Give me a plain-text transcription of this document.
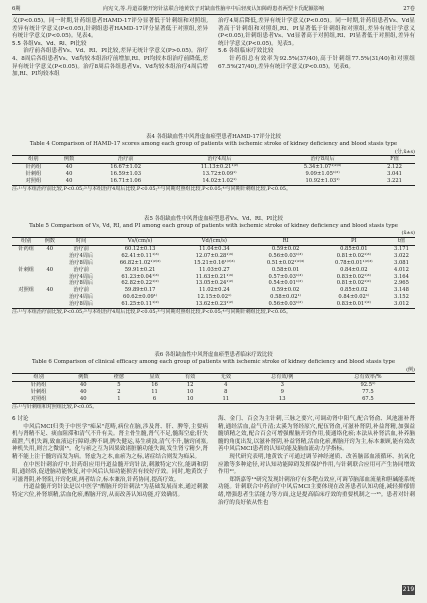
6期	向宪文,等.丹道益髓开窍针法联合地黄饮子对缺血性脑卒中后轻度认知障碍患者两型卡氏配额影响	27卷

义(P<0.05)。同一时期,针药组患者HAMD-17评分显著低于针刺组和对照组,差异有统计学意义(P<0.05),针刺组患者HAMD-17评分显著低于对照组,差异有统计学意义(P<0.05)。见表4。

5.5 各组Vs、Vd、RI、PI比较

治疗前各组患者Vs、Vd、RI、PI比较,差异无统计学意义(P>0.05)。治疗4、8周后各组患者Vs、Vd均较本组治疗前增加,RI、PI均较本组治疗前降低,差异有统计学意义(P<0.05)。治疗8周后各组患者Vs、Vd均较本组治疗4周后增加,RI、PI均较本组

治疗4周后降低,差异有统计学意义(P<0.05)。同一时期,针药组患者Vs、Vd显著高于针刺组和对照组,RI、PI显著低于针刺组和对照组,差异有统计学意义(P<0.05),针刺组患者Vs、Vd显著高于对照组,RI、PI显著低于对照组,差异有统计学意义(P<0.05)。见表5。

5.6 各组临床疗效比较

针药组总有效率为92.5%(37/40),高于针刺组77.5%(31/40)和对照组67.5%(27/40),差异有统计学意义(P<0.05)。见表6。

表4 各组缺血性中风肾虚血瘀型患者HAMD-17评分比较
Table 4 Comparison of HAMD-17 scores among each group of patients with ischemic stroke of kidney deficiency and blood stasis type
(分,x̄±s)
组别	例数	治疗前	治疗4周后	治疗8周后	F值
针药组	40	16.67±1.02	11.13±0.21¹⁾²⁾	5.34±1.07¹⁾²⁾³⁾	2.122
针刺组	40	16.59±1.03	13.72±0.09¹⁾	9.09±1.05¹⁾²⁾	3.041
对照组	40	16.71±1.06	14.02±1.02¹⁾	10.92±1.03¹⁾	3.221
注:¹⁾与本组治疗前比较,P<0.05;²⁾与本组治疗4周后比较,P<0.05;³⁾与同期对照组比较,P<0.05;⁴⁾与同期针刺组比较,P<0.05。
表5 各组缺血性中风肾虚血瘀型患者Vs、Vd、RI、PI比较
Table 5 Comparison of Vs, Vd, RI, and PI among each group of patients with ischemic stroke of kidney deficiency and blood stasis type
(x̄±s)
组别	例数	时间	Vs/(cm/s)	Vd/(cm/s)	RI	PI	t值
针药组	40	治疗前	60.12±0.13	11.04±0.34	0.59±0.02	0.85±0.01	3.171
		治疗4周后	62.41±0.11¹⁾³⁾	12.07±0.28¹⁾³⁾	0.56±0.03¹⁾³⁾	0.81±0.02¹⁾³⁾	3.022
		治疗8周后	66.82±1.02¹⁾²⁾³⁾	15.21±0.16¹⁾²⁾³⁾	0.51±0.02¹⁾²⁾³⁾	0.78±0.01¹⁾²⁾³⁾	3.081
针刺组	40	治疗前	59.91±0.21	11.03±0.27	0.58±0.01	0.84±0.02	4.012
		治疗4周后	61.23±0.04¹⁾³⁾	11.63±0.21¹⁾³⁾	0.57±0.03¹⁾³⁾	0.83±0.02¹⁾³⁾	3.164
		治疗8周后	62.82±0.22¹⁾²⁾	13.05±0.24¹⁾²⁾	0.54±0.01¹⁾²⁾	0.81±0.02¹⁾²⁾	2.965
对照组	40	治疗前	59.89±0.17	11.02±0.24	0.59±0.02	0.85±0.02	3.148
		治疗4周后	60.62±0.09¹⁾	12.15±0.02¹⁾	0.58±0.02¹⁾	0.84±0.02¹⁾	3.152
		治疗8周后	61.25±0.11¹⁾²⁾	13.62±0.23¹⁾²⁾	0.56±0.03¹⁾²⁾	0.83±0.01¹⁾²⁾	3.012
注:¹⁾与本组治疗前比较,P<0.05;²⁾与本组治疗4周后比较,P<0.05;³⁾与同期对照组比较,P<0.05;⁴⁾与同期针刺组比较,P<0.05。
表6 各组缺血性中风肾虚血瘀型患者临床疗效比较
Table 6 Comparison of clinical efficacy among each group of patients with ischemic stroke of kidney deficiency and blood stasis type
(例)
组别	例数	痊愈	显效	有效	无效	总有效/例	总有效率/%
针药组	40	5	16	12	4	3	92.5¹⁾
针刺组	40	2	11	10	8	9	77.5
对照组	40	1	6	10	11	13	67.5
注:¹⁾与针刺组和对照组比较,P<0.05。

6 讨论

中风后MCI归类于中医学"痴呆"范畴,病位在脑,涉及肾、肝、脾等,主要病机与肾精不足、痰血阻滞和清气不升有关。肾主骨生髓,肾气不足,髓海空虚;肝失疏泄,气机失调,致血液运行障碍;脾不调,脾失健运,易生痰浊,清气不升,脑窍闭塞,神机失用,则言之微弱¹⁵。化与瘀之互为因果致诸脏腑功能失调,发生肾亏精少,肾精不能上注于髓窍而发为病。肾虚为之本,血瘀为之标,诸症结合则发为痴呆。

在中医针刺治疗中,针药组应用丹道益髓开窍针法,刺激特定穴位,能调和阴阳,通经络,促进脑功能恢复,对中风后认知功能损害有较好疗效。同时,地黄饮子可滋肾阴,补肾阳,开窍化痰,两者结合,标本兼治,针药协同,提高疗效。

丹道益髓开窍针法是以中医学"醒脑开窍针刺法"为基础发展而来,通过刺激特定穴位,补肾填精,活血化瘀,醒脑开窍,从而改善认知功能,疗效确切。

海、金门、百会为主针刺,三脉之要穴,可调动肾中阳气,配合肾俞、风池滋补肾精,通经活血,益气升清;太溪为肾经原穴,配伍肾俞,可滋补肾阴,补益肾精,加强益髓填精之效,配合百会可增强醒脑开窍作用,使通络化瘀;本法从补肾活血,补养脑髓的角度出发,以滋补肾阴,补益肾精,活血化瘀,醒脑开窍为主,标本兼顾,能有效改善中风后MCI患者的认知功能及脑血流动力学指标。

现代研究表明,地黄饮子可通过调节神经递质、改善脑部血液循环、抗氧化应激等多种途径,对认知功能障碍发挥保护作用,与针刺联合应用可产生协同增效作用¹⁰。

郑斯嘉等¹⁴研究发现针刺治疗有多靶点效应,可调节脑部血流量和胆碱能系统功能。针刺联合中药治疗中风后MCI主要体现在改善患者认知功能,减轻抑郁情绪,增强患者生活能力等方面,这是提高临床疗效的重要机制之一¹⁶。患者对针刺治疗的良好依从性也

219
